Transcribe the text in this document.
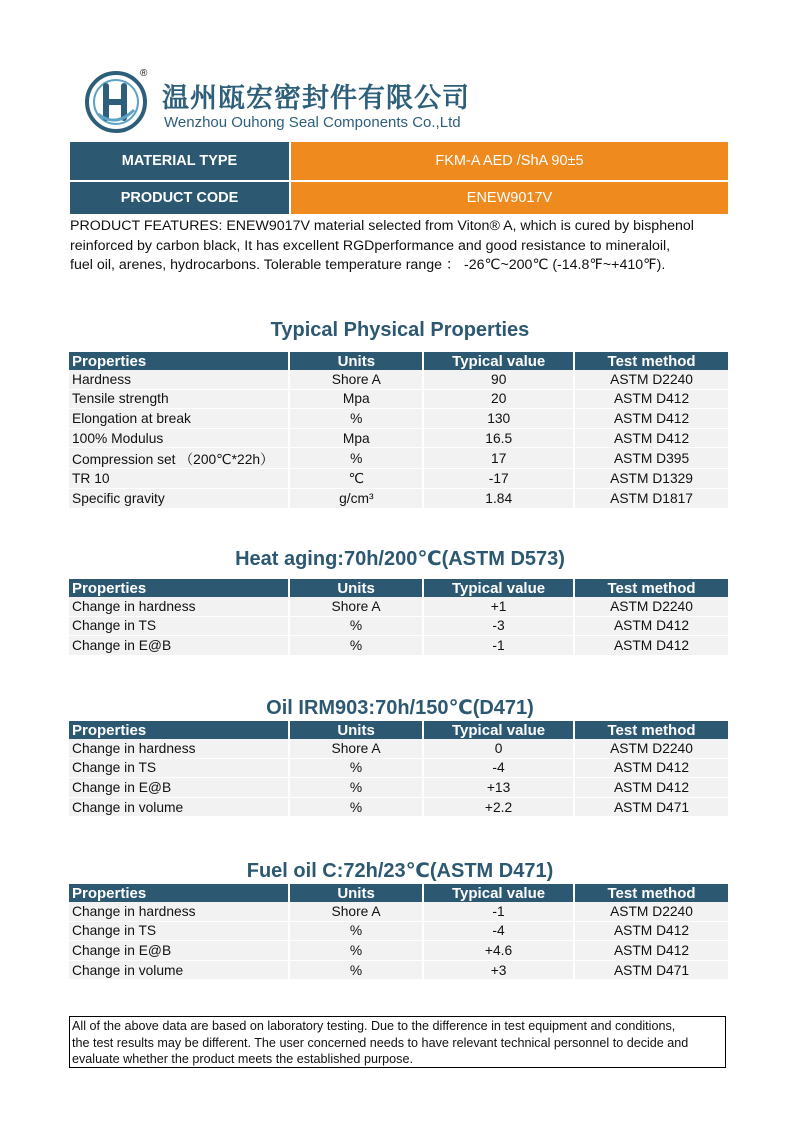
®
温州瓯宏密封件有限公司
Wenzhou Ouhong Seal Components Co.,Ltd
MATERIAL TYPE	FKM-A AED /ShA 90±5
PRODUCT CODE	ENEW9017V
PRODUCT FEATURES: ENEW9017V material selected from Viton® A, which is cured by bisphenol
reinforced by carbon black, It has excellent RGDperformance and good resistance to mineraloil,
fuel oil, arenes, hydrocarbons. Tolerable temperature range ： -26℃~200℃ (-14.8℉~+410℉).
Typical Physical Properties
Properties	Units	Typical value	Test method
Hardness	Shore A	90	ASTM D2240
Tensile strength	Mpa	20	ASTM D412
Elongation at break	%	130	ASTM D412
100% Modulus	Mpa	16.5	ASTM D412
Compression set （200℃*22h）	%	17	ASTM D395
TR 10	℃	-17	ASTM D1329
Specific gravity	g/cm³	1.84	ASTM D1817
Heat aging:70h/200℃(ASTM D573)
Properties	Units	Typical value	Test method
Change in hardness	Shore A	+1	ASTM D2240
Change in TS	%	-3	ASTM D412
Change in E@B	%	-1	ASTM D412
Oil IRM903:70h/150℃(D471)
Properties	Units	Typical value	Test method
Change in hardness	Shore A	0	ASTM D2240
Change in TS	%	-4	ASTM D412
Change in E@B	%	+13	ASTM D412
Change in volume	%	+2.2	ASTM D471
Fuel oil C:72h/23℃(ASTM D471)
Properties	Units	Typical value	Test method
Change in hardness	Shore A	-1	ASTM D2240
Change in TS	%	-4	ASTM D412
Change in E@B	%	+4.6	ASTM D412
Change in volume	%	+3	ASTM D471
All of the above data are based on laboratory testing. Due to the difference in test equipment and conditions,
the test results may be different. The user concerned needs to have relevant technical personnel to decide and
evaluate whether the product meets the established purpose.
